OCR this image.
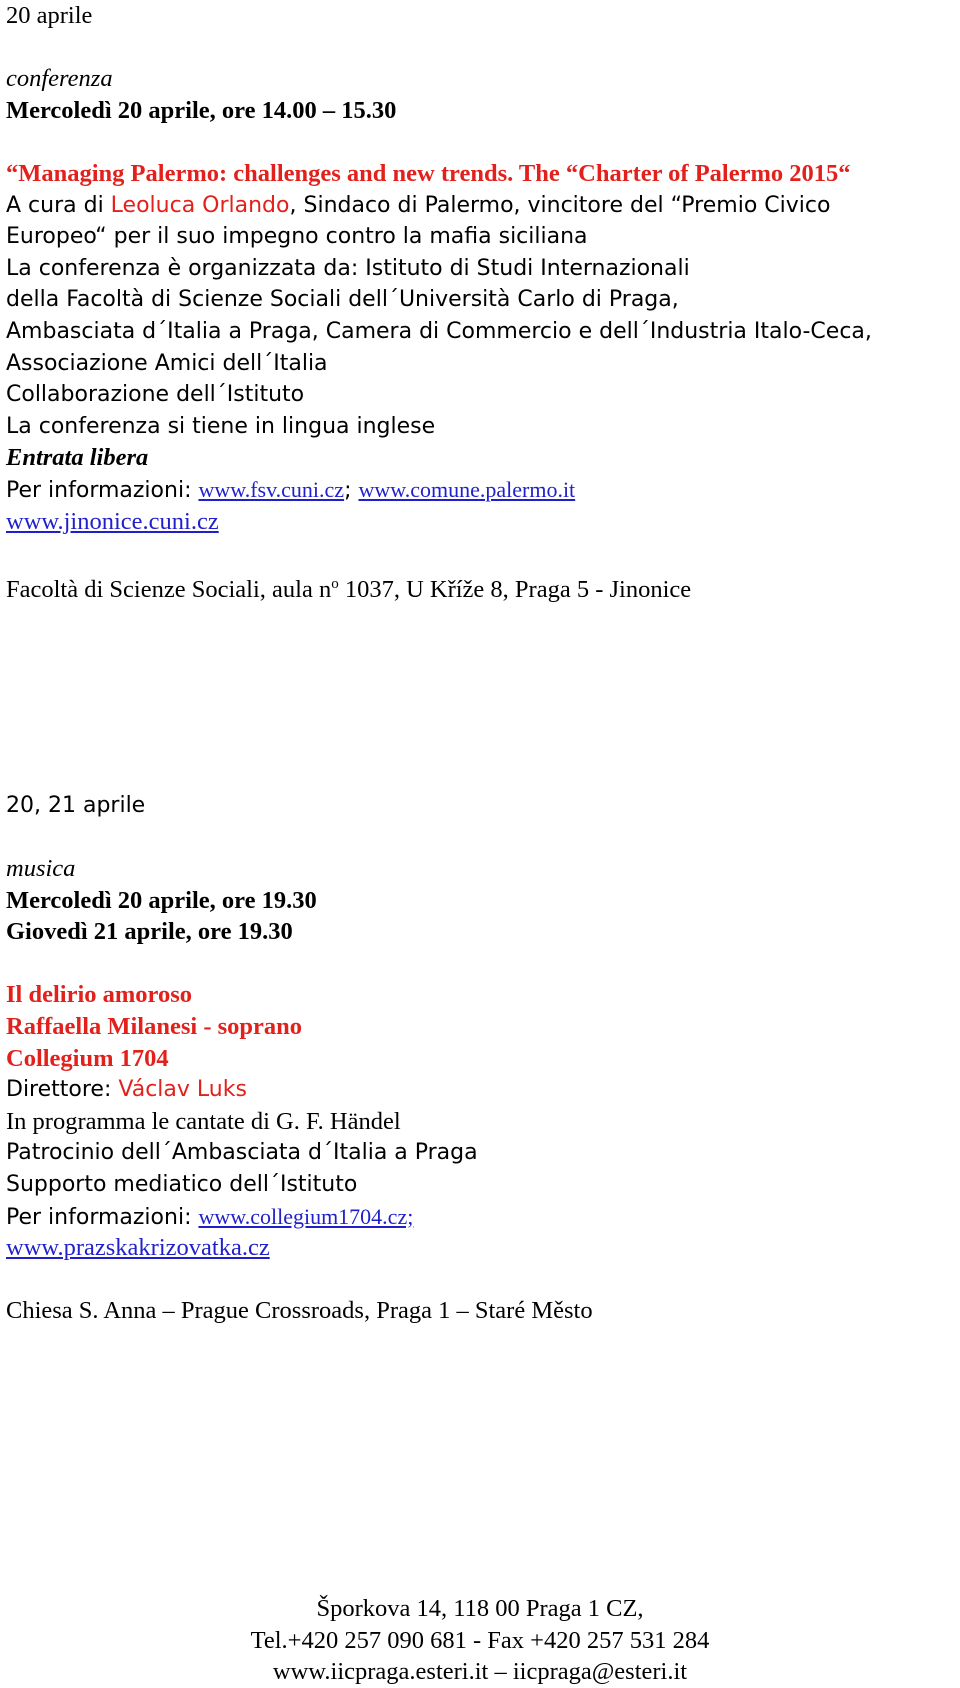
20 aprile
conferenza
Mercoledì 20 aprile, ore 14.00 – 15.30
“Managing Palermo: challenges and new trends. The “Charter of Palermo 2015“
A cura di Leoluca Orlando, Sindaco di Palermo, vincitore del “Premio Civico
Europeo“ per il suo impegno contro la mafia siciliana
La conferenza è organizzata da: Istituto di Studi Internazionali
della Facoltà di Scienze Sociali dell´Università Carlo di Praga,
Ambasciata d´Italia a Praga, Camera di Commercio e dell´Industria Italo-Ceca,
Associazione Amici dell´Italia
Collaborazione dell´Istituto
La conferenza si tiene in lingua inglese
Entrata libera
Per informazioni: www.fsv.cuni.cz; www.comune.palermo.it
www.jinonice.cuni.cz
Facoltà di Scienze Sociali, aula $n^o$ 1037, U Kříže 8, Praga 5 - Jinonice
20, 21 aprile
musica
Mercoledì 20 aprile, ore 19.30
Giovedì 21 aprile, ore 19.30
Il delirio amoroso
Raffaella Milanesi - soprano
Collegium 1704
Direttore: Václav Luks
In programma le cantate di G. F. Händel
Patrocinio dell´Ambasciata d´Italia a Praga
Supporto mediatico dell´Istituto
Per informazioni: www.collegium1704.cz;
www.prazskakrizovatka.cz
Chiesa S. Anna – Prague Crossroads, Praga 1 – Staré Město
Šporkova 14, 118 00 Praga 1 CZ,
Tel.+420 257 090 681 - Fax +420 257 531 284
www.iicpraga.esteri.it – iicpraga@esteri.it
